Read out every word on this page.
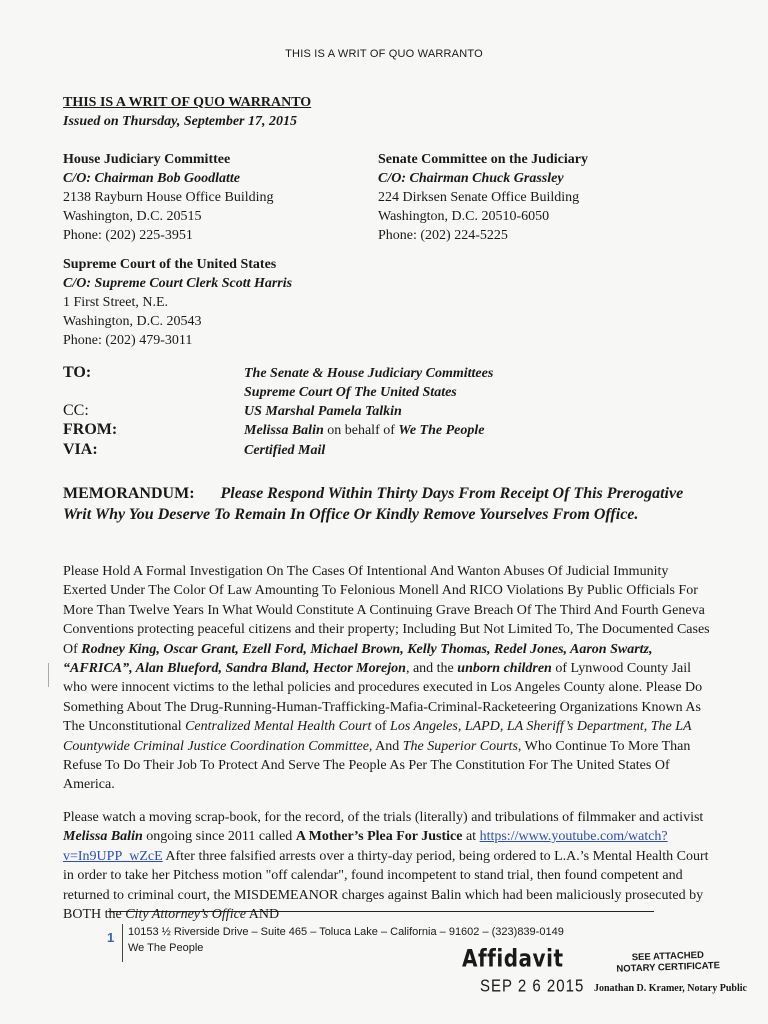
THIS IS A WRIT OF QUO WARRANTO
THIS IS A WRIT OF QUO WARRANTO
Issued on Thursday, September 17, 2015
House Judiciary Committee
C/O: Chairman Bob Goodlatte
2138 Rayburn House Office Building
Washington, D.C. 20515
Phone: (202) 225-3951
Senate Committee on the Judiciary
C/O: Chairman Chuck Grassley
224 Dirksen Senate Office Building
Washington, D.C. 20510-6050
Phone: (202) 224-5225
Supreme Court of the United States
C/O: Supreme Court Clerk Scott Harris
1 First Street, N.E.
Washington, D.C. 20543
Phone: (202) 479-3011
TO:	The Senate & House Judiciary Committees
Supreme Court Of The United States
CC:	US Marshal Pamela Talkin
FROM:	Melissa Balin on behalf of We The People
VIA:	Certified Mail
MEMORANDUM: Please Respond Within Thirty Days From Receipt Of This Prerogative Writ Why You Deserve To Remain In Office Or Kindly Remove Yourselves From Office.
Please Hold A Formal Investigation On The Cases Of Intentional And Wanton Abuses Of Judicial Immunity Exerted Under The Color Of Law Amounting To Felonious Monell And RICO Violations By Public Officials For More Than Twelve Years In What Would Constitute A Continuing Grave Breach Of The Third And Fourth Geneva Conventions protecting peaceful citizens and their property; Including But Not Limited To, The Documented Cases Of Rodney King, Oscar Grant, Ezell Ford, Michael Brown, Kelly Thomas, Redel Jones, Aaron Swartz, “AFRICA”, Alan Blueford, Sandra Bland, Hector Morejon, and the unborn children of Lynwood County Jail who were innocent victims to the lethal policies and procedures executed in Los Angeles County alone. Please Do Something About The Drug-Running-Human-Trafficking-Mafia-Criminal-Racketeering Organizations Known As The Unconstitutional Centralized Mental Health Court of Los Angeles, LAPD, LA Sheriff’s Department, The LA Countywide Criminal Justice Coordination Committee, And The Superior Courts, Who Continue To More Than Refuse To Do Their Job To Protect And Serve The People As Per The Constitution For The United States Of America.
Please watch a moving scrap-book, for the record, of the trials (literally) and tribulations of filmmaker and activist Melissa Balin ongoing since 2011 called A Mother’s Plea For Justice at https://www.youtube.com/watch?v=In9UPP_wZcE After three falsified arrests over a thirty-day period, being ordered to L.A.’s Mental Health Court in order to take her Pitchess motion "off calendar", found incompetent to stand trial, then found competent and returned to criminal court, the MISDEMEANOR charges against Balin which had been maliciously prosecuted by BOTH the City Attorney’s Office AND
1 10153 ½ Riverside Drive – Suite 465 – Toluca Lake – California – 91602 – (323)839-0149
We The People	Affidavit	SEE ATTACHED
NOTARY CERTIFICATE
SEP 2 6 2015 Jonathan D. Kramer, Notary Public
